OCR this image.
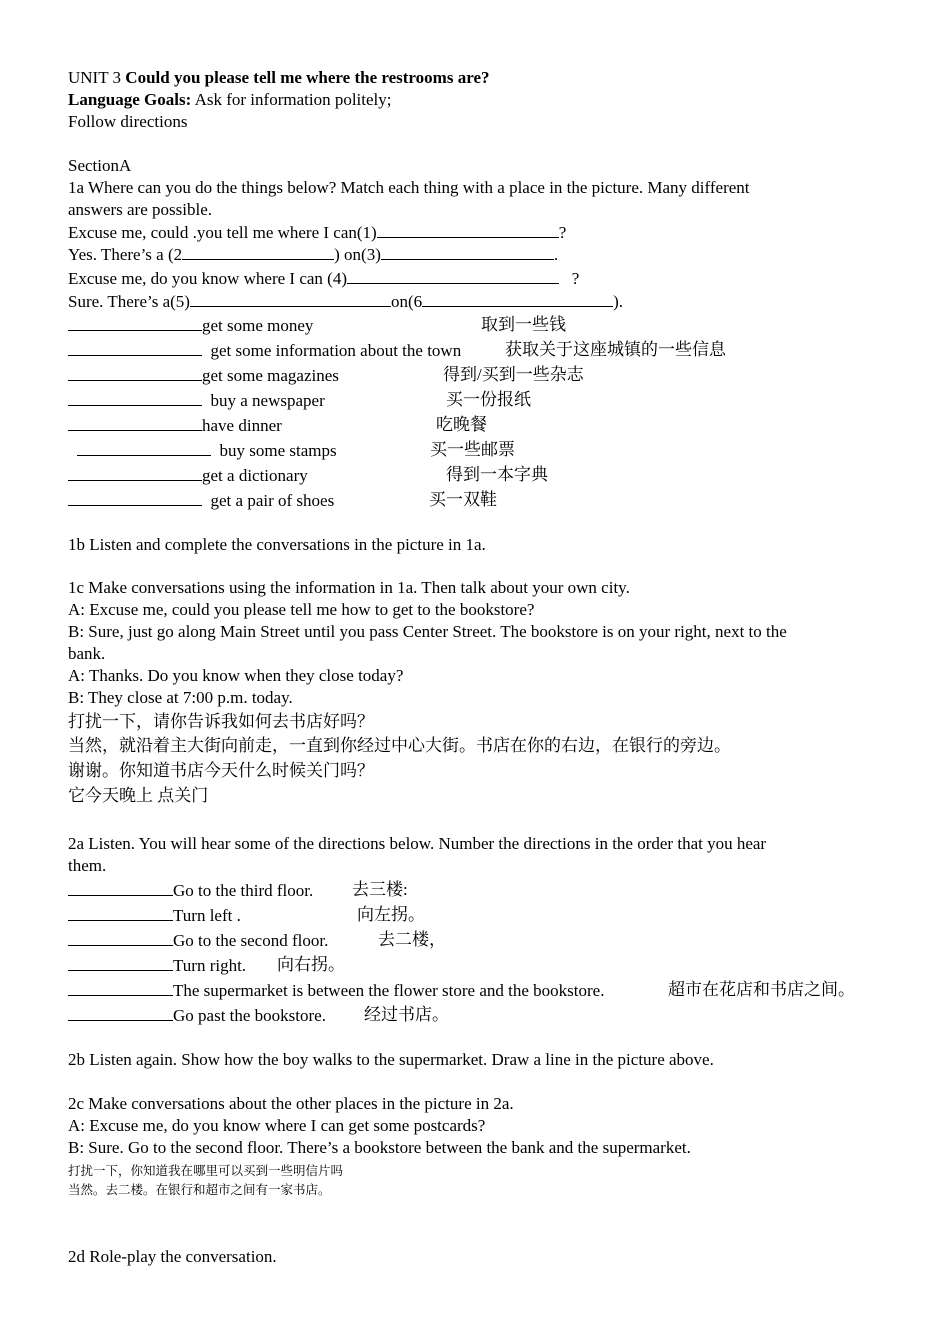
UNIT 3 Could you please tell me where the restrooms are?
Language Goals: Ask for information politely;
Follow directions
SectionA
1a Where can you do the things below? Match each thing with a place in the picture. Many different
answers are possible.
Excuse me, could .you tell me where I can(1)	?
Yes. There’s a (2	) on(3)	.
Excuse me, do you know where I can (4)	?
Sure. There’s a(5)	on(6	).
get some money	取到一些钱
get some information about the town	获取关于这座城镇的一些信息
get some magazines	得到/买到一些杂志
buy a newspaper	买一份报纸
have dinner	吃晚餐
buy some stamps	买一些邮票
get a dictionary	得到一本字典
get a pair of shoes	买一双鞋
1b Listen and complete the conversations in the picture in 1a.
1c Make conversations using the information in 1a. Then talk about your own city.
A: Excuse me, could you please tell me how to get to the bookstore?
B: Sure, just go along Main Street until you pass Center Street. The bookstore is on your right, next to the
bank.
A: Thanks. Do you know when they close today?
B: They close at 7:00 p.m. today.
打扰一下，请你告诉我如何去书店好吗？
当然，就沿着主大街向前走，一直到你经过中心大街。书店在你的右边，在银行的旁边。
谢谢。你知道书店今天什么时候关门吗？
它今天晚上 点关门
2a Listen. You will hear some of the directions below. Number the directions in the order that you hear
them.
Go to the third floor. 去三楼:
Turn left .	向左拐。
Go to the second floor.	去二楼，
Turn right. 向右拐。
The supermarket is between the flower store and the bookstore.	超市在花店和书店之间。
Go past the bookstore. 经过书店。
2b Listen again. Show how the boy walks to the supermarket. Draw a line in the picture above.
2c Make conversations about the other places in the picture in 2a.
A: Excuse me, do you know where I can get some postcards?
B: Sure. Go to the second floor. There’s a bookstore between the bank and the supermarket.
打扰一下，你知道我在哪里可以买到一些明信片吗
当然。去二楼。在银行和超市之间有一家书店。
2d Role-play the conversation.
